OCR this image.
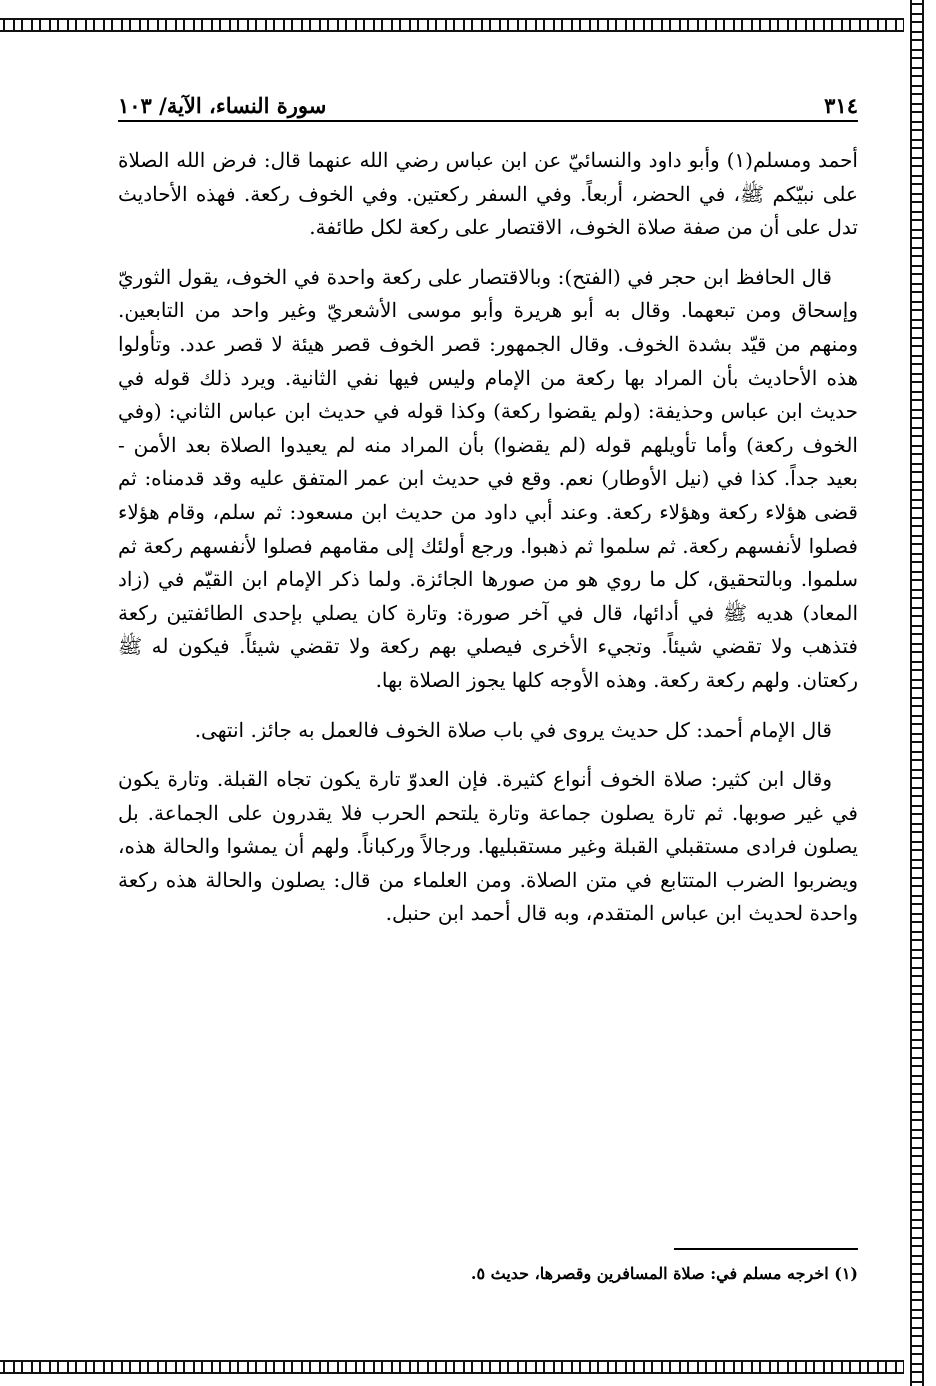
٣١٤
سورة النساء، الآية/ ١٠٣

أحمد ومسلم(١) وأبو داود والنسائيّ عن ابن عباس رضي الله عنهما قال: فرض الله الصلاة على نبيّكم ﷺ، في الحضر، أربعاً. وفي السفر ركعتين. وفي الخوف ركعة. فهذه الأحاديث تدل على أن من صفة صلاة الخوف، الاقتصار على ركعة لكل طائفة.

قال الحافظ ابن حجر في (الفتح): وبالاقتصار على ركعة واحدة في الخوف، يقول الثوريّ وإسحاق ومن تبعهما. وقال به أبو هريرة وأبو موسى الأشعريّ وغير واحد من التابعين. ومنهم من قيّد بشدة الخوف. وقال الجمهور: قصر الخوف قصر هيئة لا قصر عدد. وتأولوا هذه الأحاديث بأن المراد بها ركعة من الإمام وليس فيها نفي الثانية. ويرد ذلك قوله في حديث ابن عباس وحذيفة: (ولم يقضوا ركعة) وكذا قوله في حديث ابن عباس الثاني: (وفي الخوف ركعة) وأما تأويلهم قوله (لم يقضوا) بأن المراد منه لم يعيدوا الصلاة بعد الأمن - بعيد جداً. كذا في (نيل الأوطار) نعم. وقع في حديث ابن عمر المتفق عليه وقد قدمناه: ثم قضى هؤلاء ركعة وهؤلاء ركعة. وعند أبي داود من حديث ابن مسعود: ثم سلم، وقام هؤلاء فصلوا لأنفسهم ركعة. ثم سلموا ثم ذهبوا. ورجع أولئك إلى مقامهم فصلوا لأنفسهم ركعة ثم سلموا. وبالتحقيق، كل ما روي هو من صورها الجائزة. ولما ذكر الإمام ابن القيّم في (زاد المعاد) هديه ﷺ في أدائها، قال في آخر صورة: وتارة كان يصلي بإحدى الطائفتين ركعة فتذهب ولا تقضي شيئاً. وتجيء الأخرى فيصلي بهم ركعة ولا تقضي شيئاً. فيكون له ﷺ ركعتان. ولهم ركعة ركعة. وهذه الأوجه كلها يجوز الصلاة بها.

قال الإمام أحمد: كل حديث يروى في باب صلاة الخوف فالعمل به جائز. انتهى.

وقال ابن كثير: صلاة الخوف أنواع كثيرة. فإن العدوّ تارة يكون تجاه القبلة. وتارة يكون في غير صوبها. ثم تارة يصلون جماعة وتارة يلتحم الحرب فلا يقدرون على الجماعة. بل يصلون فرادى مستقبلي القبلة وغير مستقبليها. ورجالاً وركباناً. ولهم أن يمشوا والحالة هذه، ويضربوا الضرب المتتابع في متن الصلاة. ومن العلماء من قال: يصلون والحالة هذه ركعة واحدة لحديث ابن عباس المتقدم، وبه قال أحمد ابن حنبل.

(١) اخرجه مسلم في: صلاة المسافرين وقصرها، حديث ٥.
